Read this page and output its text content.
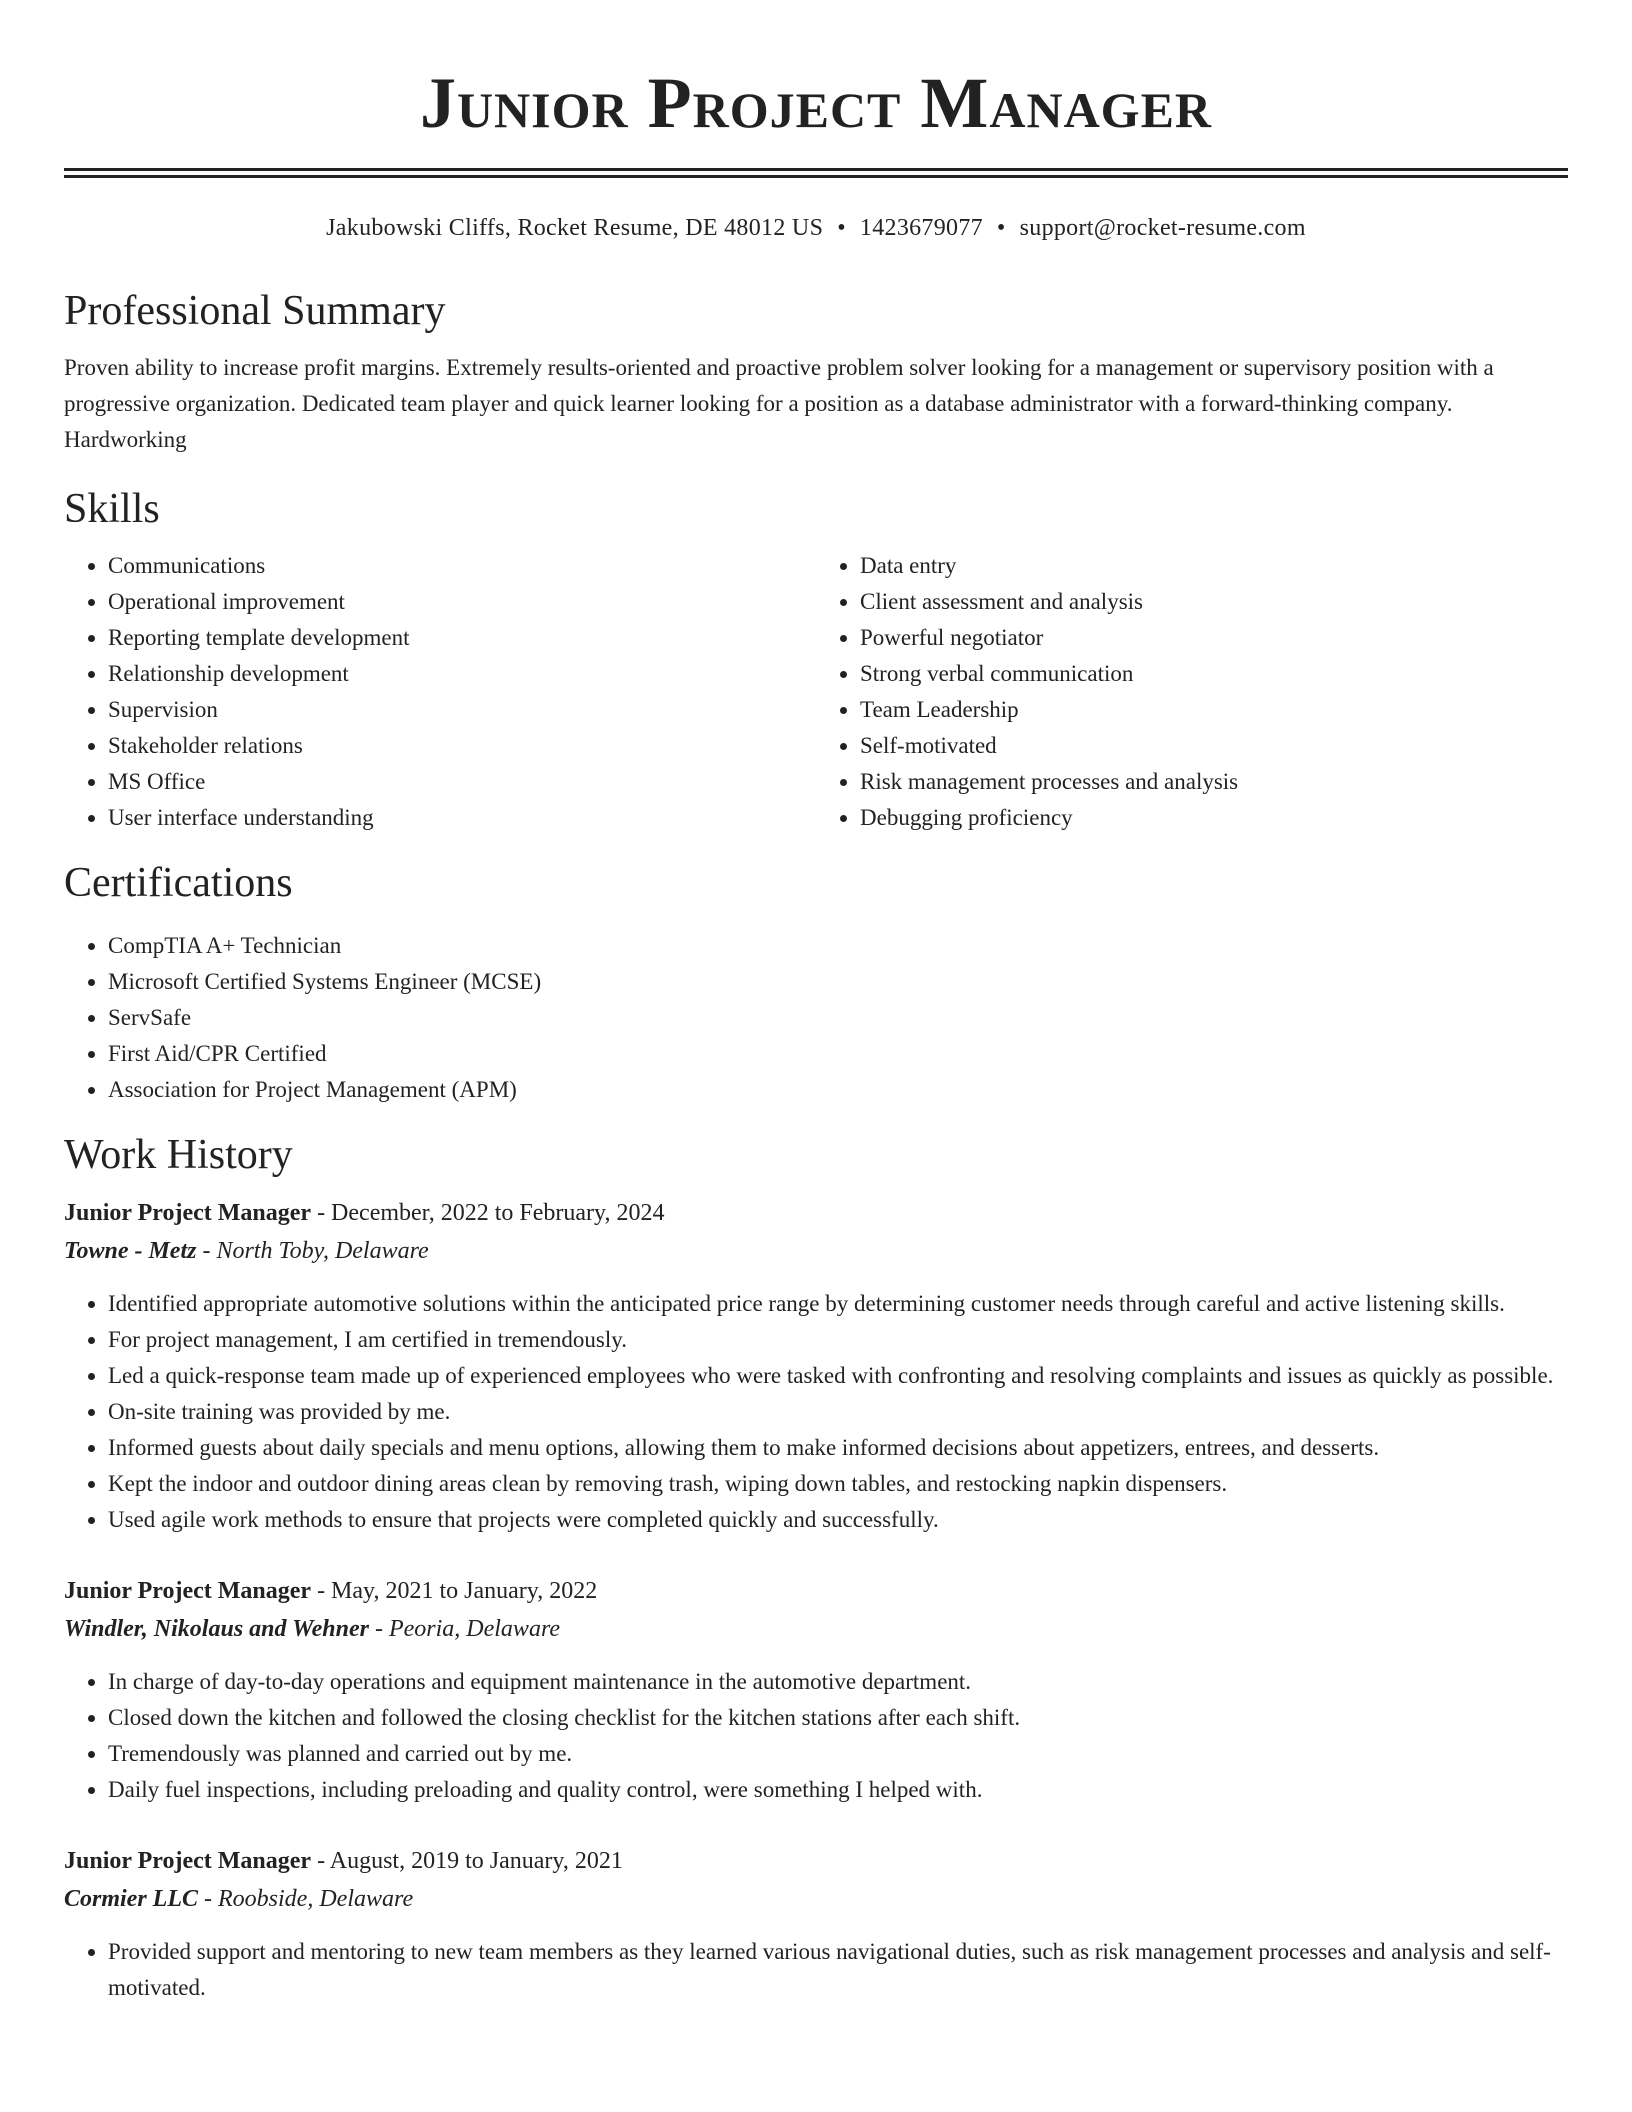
Junior Project Manager
Jakubowski Cliffs, Rocket Resume, DE 48012 US • 1423679077 • support@rocket-resume.com
Professional Summary

Proven ability to increase profit margins. Extremely results-oriented and proactive problem solver looking for a management or supervisory position with a progressive organization. Dedicated team player and quick learner looking for a position as a database administrator with a forward-thinking company. Hardworking

Skills
• Communications
• Operational improvement
• Reporting template development
• Relationship development
• Supervision
• Stakeholder relations
• MS Office
• User interface understanding
• Data entry
• Client assessment and analysis
• Powerful negotiator
• Strong verbal communication
• Team Leadership
• Self-motivated
• Risk management processes and analysis
• Debugging proficiency
Certifications
• CompTIA A+ Technician
• Microsoft Certified Systems Engineer (MCSE)
• ServSafe
• First Aid/CPR Certified
• Association for Project Management (APM)
Work History
Junior Project Manager - December, 2022 to February, 2024
Towne - Metz - North Toby, Delaware
• Identified appropriate automotive solutions within the anticipated price range by determining customer needs through careful and active listening skills.
• For project management, I am certified in tremendously.
• Led a quick-response team made up of experienced employees who were tasked with confronting and resolving complaints and issues as quickly as possible.
• On-site training was provided by me.
• Informed guests about daily specials and menu options, allowing them to make informed decisions about appetizers, entrees, and desserts.
• Kept the indoor and outdoor dining areas clean by removing trash, wiping down tables, and restocking napkin dispensers.
• Used agile work methods to ensure that projects were completed quickly and successfully.
Junior Project Manager - May, 2021 to January, 2022
Windler, Nikolaus and Wehner - Peoria, Delaware
• In charge of day-to-day operations and equipment maintenance in the automotive department.
• Closed down the kitchen and followed the closing checklist for the kitchen stations after each shift.
• Tremendously was planned and carried out by me.
• Daily fuel inspections, including preloading and quality control, were something I helped with.
Junior Project Manager - August, 2019 to January, 2021
Cormier LLC - Roobside, Delaware
• Provided support and mentoring to new team members as they learned various navigational duties, such as risk management processes and analysis and self-motivated.
